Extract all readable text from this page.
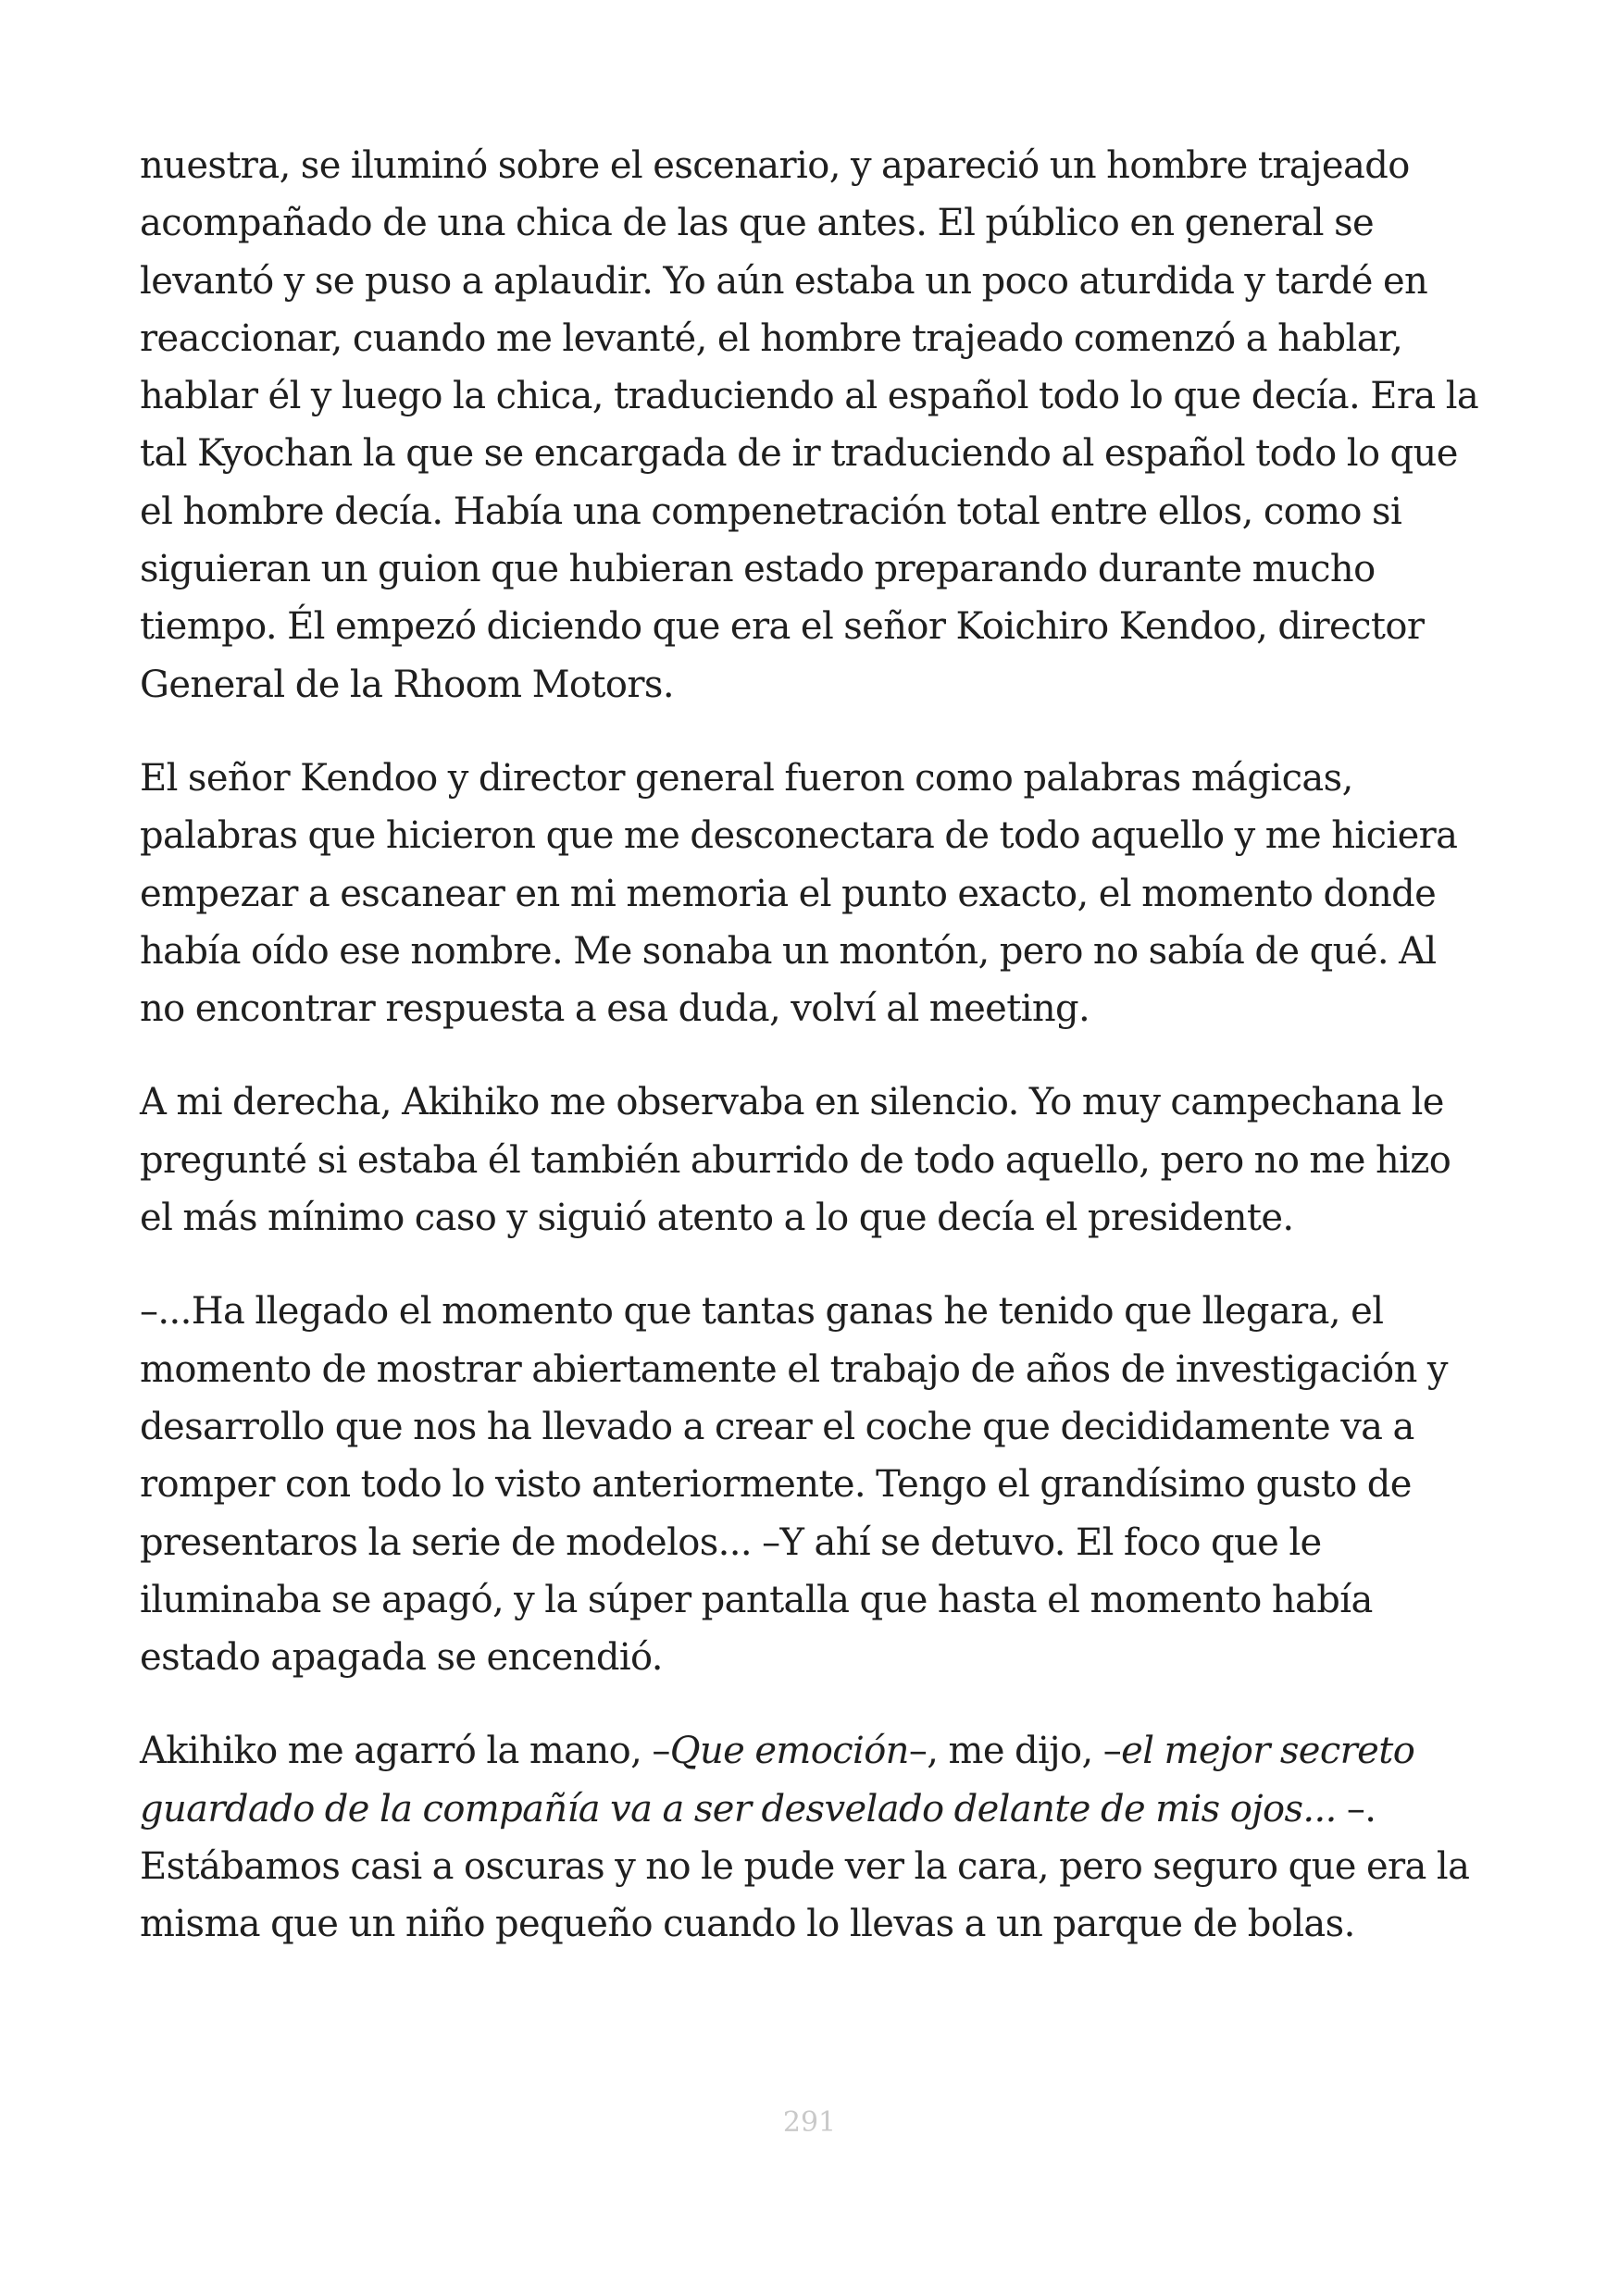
nuestra, se iluminó sobre el escenario, y apareció un hombre trajeado acompañado de una chica de las que antes. El público en general se levantó y se puso a aplaudir. Yo aún estaba un poco aturdida y tardé en reaccionar, cuando me levanté, el hombre trajeado comenzó a hablar, hablar él y luego la chica, traduciendo al español todo lo que decía. Era la tal Kyochan la que se encargada de ir traduciendo al español todo lo que el hombre decía. Había una compenetración total entre ellos, como si siguieran un guion que hubieran estado preparando durante mucho tiempo. Él empezó diciendo que era el señor Koichiro Kendoo, director General de la Rhoom Motors.

El señor Kendoo y director general fueron como palabras mágicas, palabras que hicieron que me desconectara de todo aquello y me hiciera empezar a escanear en mi memoria el punto exacto, el momento donde había oído ese nombre. Me sonaba un montón, pero no sabía de qué. Al no encontrar respuesta a esa duda, volví al meeting.

A mi derecha, Akihiko me observaba en silencio. Yo muy campechana le pregunté si estaba él también aburrido de todo aquello, pero no me hizo el más mínimo caso y siguió atento a lo que decía el presidente.

–...Ha llegado el momento que tantas ganas he tenido que llegara, el momento de mostrar abiertamente el trabajo de años de investigación y desarrollo que nos ha llevado a crear el coche que decididamente va a romper con todo lo visto anteriormente. Tengo el grandísimo gusto de presentaros la serie de modelos... –Y ahí se detuvo. El foco que le iluminaba se apagó, y la súper pantalla que hasta el momento había estado apagada se encendió.

Akihiko me agarró la mano, –Que emoción–, me dijo, –el mejor secreto guardado de la compañía va a ser desvelado delante de mis ojos... –. Estábamos casi a oscuras y no le pude ver la cara, pero seguro que era la misma que un niño pequeño cuando lo llevas a un parque de bolas.

291
